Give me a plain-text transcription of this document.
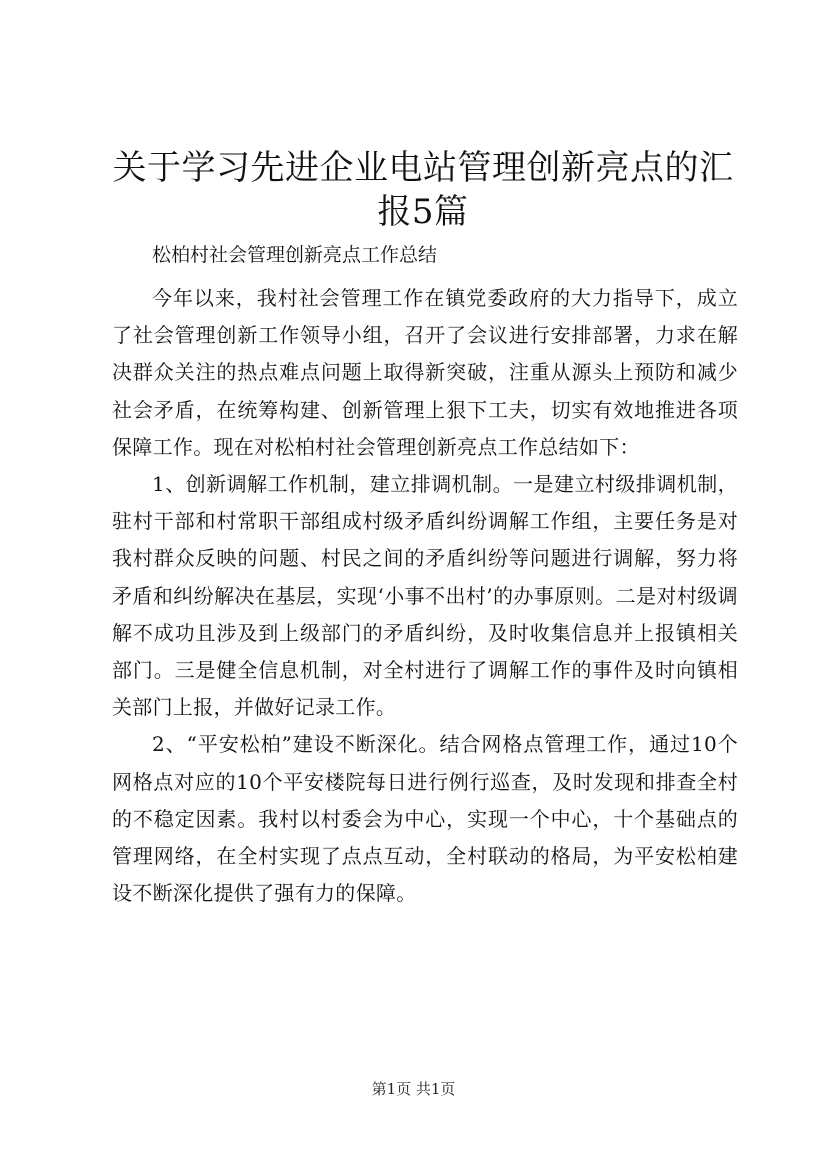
关于学习先进企业电站管理创新亮点的汇报5篇

松柏村社会管理创新亮点工作总结

今年以来，我村社会管理工作在镇党委政府的大力指导下，成立了社会管理创新工作领导小组，召开了会议进行安排部署，力求在解决群众关注的热点难点问题上取得新突破，注重从源头上预防和减少社会矛盾，在统筹构建、创新管理上狠下工夫，切实有效地推进各项保障工作。现在对松柏村社会管理创新亮点工作总结如下：

1、创新调解工作机制，建立排调机制。一是建立村级排调机制，驻村干部和村常职干部组成村级矛盾纠纷调解工作组，主要任务是对我村群众反映的问题、村民之间的矛盾纠纷等问题进行调解，努力将矛盾和纠纷解决在基层，实现‘小事不出村’的办事原则。二是对村级调解不成功且涉及到上级部门的矛盾纠纷，及时收集信息并上报镇相关部门。三是健全信息机制，对全村进行了调解工作的事件及时向镇相关部门上报，并做好记录工作。

2、“平安松柏”建设不断深化。结合网格点管理工作，通过10个网格点对应的10个平安楼院每日进行例行巡查，及时发现和排查全村的不稳定因素。我村以村委会为中心，实现一个中心，十个基础点的管理网络，在全村实现了点点互动，全村联动的格局，为平安松柏建设不断深化提供了强有力的保障。

第1页 共1页
